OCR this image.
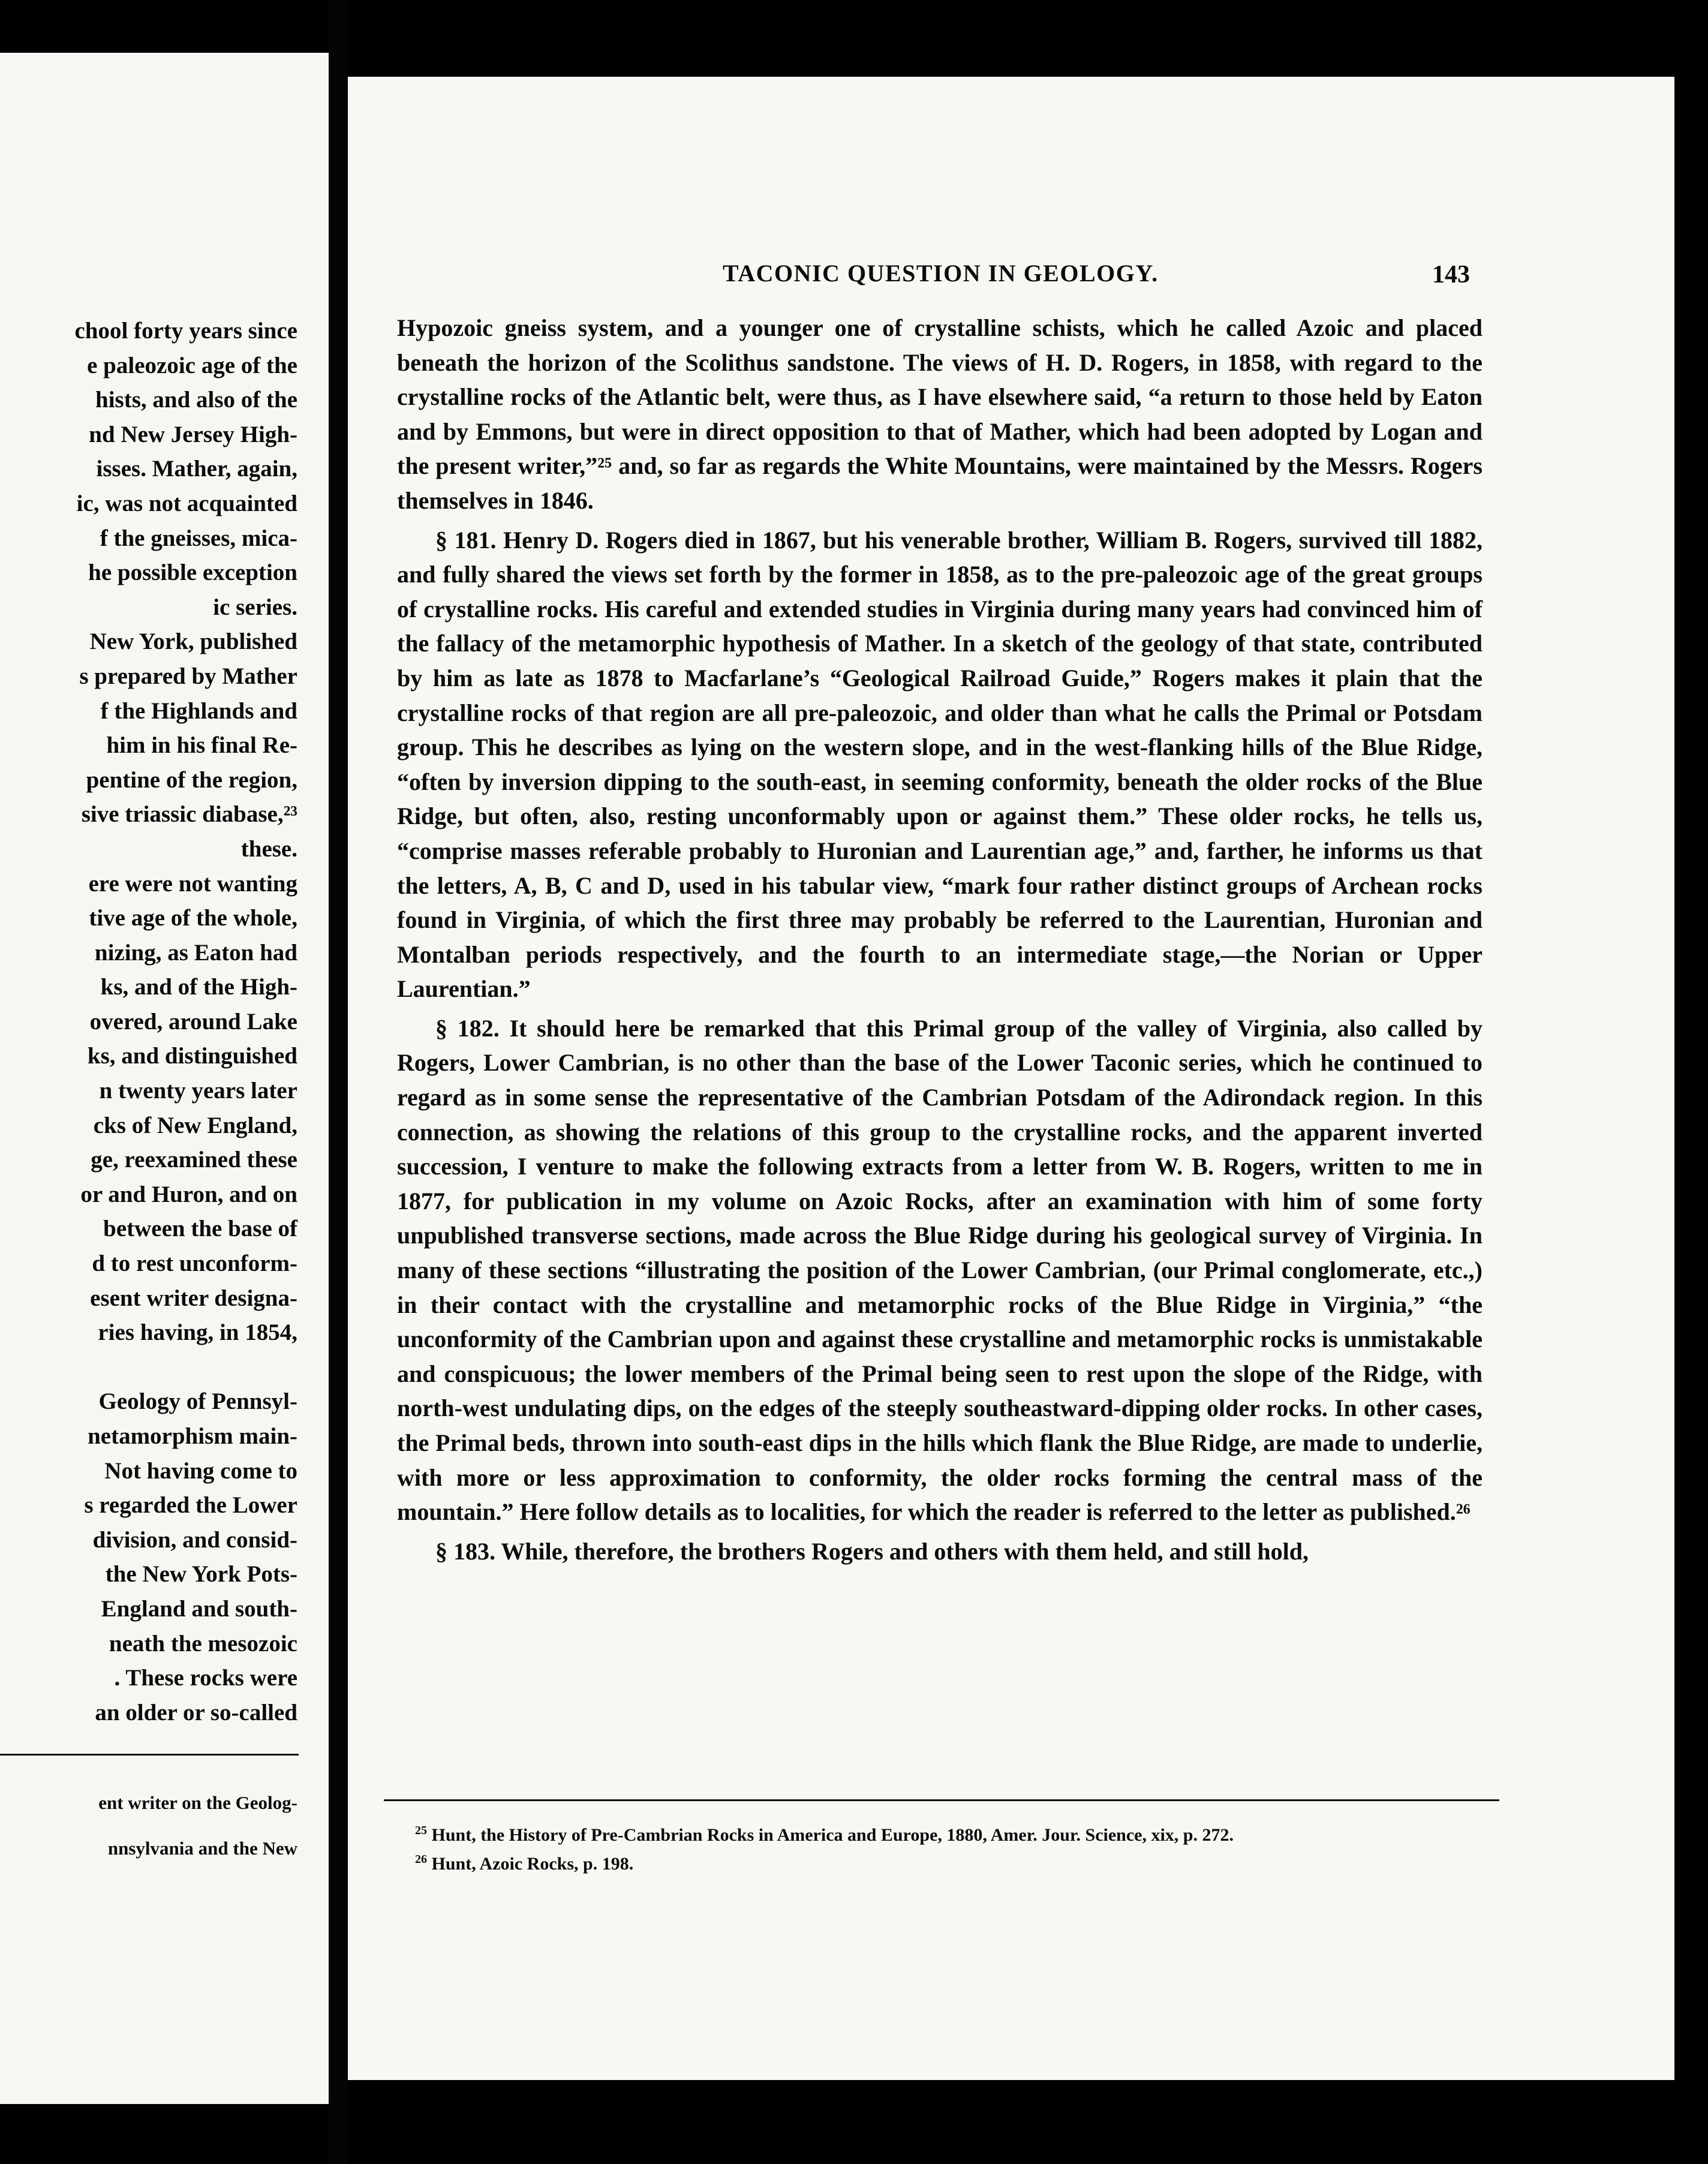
chool forty years since
e paleozoic age of the
hists, and also of the
nd New Jersey High-
isses. Mather, again,
ic, was not acquainted
f the gneisses, mica-
he possible exception
ic series.
New York, published
s prepared by Mather
f the Highlands and
him in his final Re-
pentine of the region,
sive triassic diabase,²³
these.
ere were not wanting
tive age of the whole,
nizing, as Eaton had
ks, and of the High-
overed, around Lake
ks, and distinguished
n twenty years later
cks of New England,
ge, reexamined these
or and Huron, and on
between the base of
d to rest unconform-
esent writer designa-
ries having, in 1854,

Geology of Pennsyl-
netamorphism main-
Not having come to
s regarded the Lower
division, and consid-
the New York Pots-
England and south-
neath the mesozoic
. These rocks were
an older or so-called
ent writer on the Geolog-
nnsylvania and the New
TACONIC QUESTION IN GEOLOGY.	143

Hypozoic gneiss system, and a younger one of crystalline schists, which he called Azoic and placed beneath the horizon of the Scolithus sandstone. The views of H. D. Rogers, in 1858, with regard to the crystalline rocks of the Atlantic belt, were thus, as I have elsewhere said, “a return to those held by Eaton and by Emmons, but were in direct opposition to that of Mather, which had been adopted by Logan and the present writer,”²⁵ and, so far as regards the White Mountains, were maintained by the Messrs. Rogers themselves in 1846.

§ 181. Henry D. Rogers died in 1867, but his venerable brother, William B. Rogers, survived till 1882, and fully shared the views set forth by the former in 1858, as to the pre-paleozoic age of the great groups of crystalline rocks. His careful and extended studies in Virginia during many years had convinced him of the fallacy of the metamorphic hypothesis of Mather. In a sketch of the geology of that state, contributed by him as late as 1878 to Macfarlane’s “Geological Railroad Guide,” Rogers makes it plain that the crystalline rocks of that region are all pre-paleozoic, and older than what he calls the Primal or Potsdam group. This he describes as lying on the western slope, and in the west-flanking hills of the Blue Ridge, “often by inversion dipping to the south-east, in seeming conformity, beneath the older rocks of the Blue Ridge, but often, also, resting unconformably upon or against them.” These older rocks, he tells us, “comprise masses referable probably to Huronian and Laurentian age,” and, farther, he informs us that the letters, A, B, C and D, used in his tabular view, “mark four rather distinct groups of Archean rocks found in Virginia, of which the first three may probably be referred to the Laurentian, Huronian and Montalban periods respectively, and the fourth to an intermediate stage,—the Norian or Upper Laurentian.”

§ 182. It should here be remarked that this Primal group of the valley of Virginia, also called by Rogers, Lower Cambrian, is no other than the base of the Lower Taconic series, which he continued to regard as in some sense the representative of the Cambrian Potsdam of the Adirondack region. In this connection, as showing the relations of this group to the crystalline rocks, and the apparent inverted succession, I venture to make the following extracts from a letter from W. B. Rogers, written to me in 1877, for publication in my volume on Azoic Rocks, after an examination with him of some forty unpublished transverse sections, made across the Blue Ridge during his geological survey of Virginia. In many of these sections “illustrating the position of the Lower Cambrian, (our Primal conglomerate, etc.,) in their contact with the crystalline and metamorphic rocks of the Blue Ridge in Virginia,” “the unconformity of the Cambrian upon and against these crystalline and metamorphic rocks is unmistakable and conspicuous; the lower members of the Primal being seen to rest upon the slope of the Ridge, with north-west undulating dips, on the edges of the steeply southeastward-dipping older rocks. In other cases, the Primal beds, thrown into south-east dips in the hills which flank the Blue Ridge, are made to underlie, with more or less approximation to conformity, the older rocks forming the central mass of the mountain.” Here follow details as to localities, for which the reader is referred to the letter as published.²⁶

§ 183. While, therefore, the brothers Rogers and others with them held, and still hold,

$^{25}$ Hunt, the History of Pre-Cambrian Rocks in America and Europe, 1880, Amer. Jour. Science, xix, p. 272.
$^{26}$ Hunt, Azoic Rocks, p. 198.
